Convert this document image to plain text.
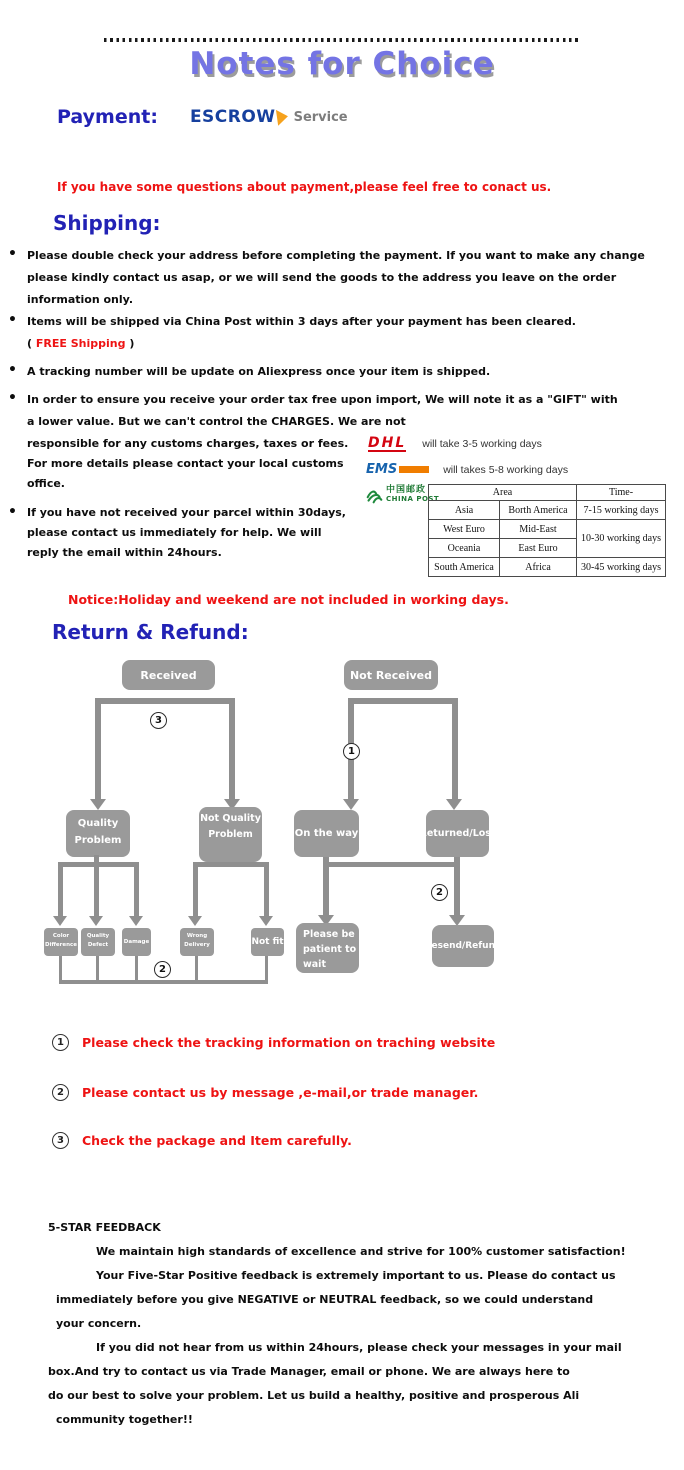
Notes for Choice
Payment: ESCROW Service
If you have some questions about payment,please feel free to conact us.
Shipping:
• Please double check your address before completing the payment. If you want to make any change
please kindly contact us asap, or we will send the goods to the address you leave on the order
information only.
• Items will be shipped via China Post within 3 days after your payment has been cleared.
( FREE Shipping )
• A tracking number will be update on Aliexpress once your item is shipped.
• In order to ensure you receive your order tax free upon import, We will note it as a "GIFT" with
a lower value. But we can't control the CHARGES. We are not
responsible for any customs charges, taxes or fees.
For more details please contact your local customs
office.
• If you have not received your parcel within 30days,
please contact us immediately for help. We will
reply the email within 24hours.
DHL will take 3-5 working days
EMS	will takes 5-8 working days
中国邮政
CHINA POST
Area		Time-
Asia	Borth America	7-15 working days
West Euro	Mid-East	10-30 working days
Oceania	East Euro	
South America	Africa	30-45 working days
Notice:Holiday and weekend are not included in working days.
Return & Refund:
Received	Not Received
3
1
Quality Problem
Not Quality Problem	On the way	Returned/Lost
2
Color Difference
Quality Defect	Damage
Wrong Delivery	Not fit
Please be patient to wait
Resend/Refund
2
1	Please check the tracking information on traching website
2	Please contact us by message ,e-mail,or trade manager.
3	Check the package and Item carefully.
5-STAR FEEDBACK
We maintain high standards of excellence and strive for 100% customer satisfaction!
Your Five-Star Positive feedback is extremely important to us. Please do contact us
immediately before you give NEGATIVE or NEUTRAL feedback, so we could understand
your concern.
If you did not hear from us within 24hours, please check your messages in your mail
box.And try to contact us via Trade Manager, email or phone. We are always here to
do our best to solve your problem. Let us build a healthy, positive and prosperous Ali
community together!!
